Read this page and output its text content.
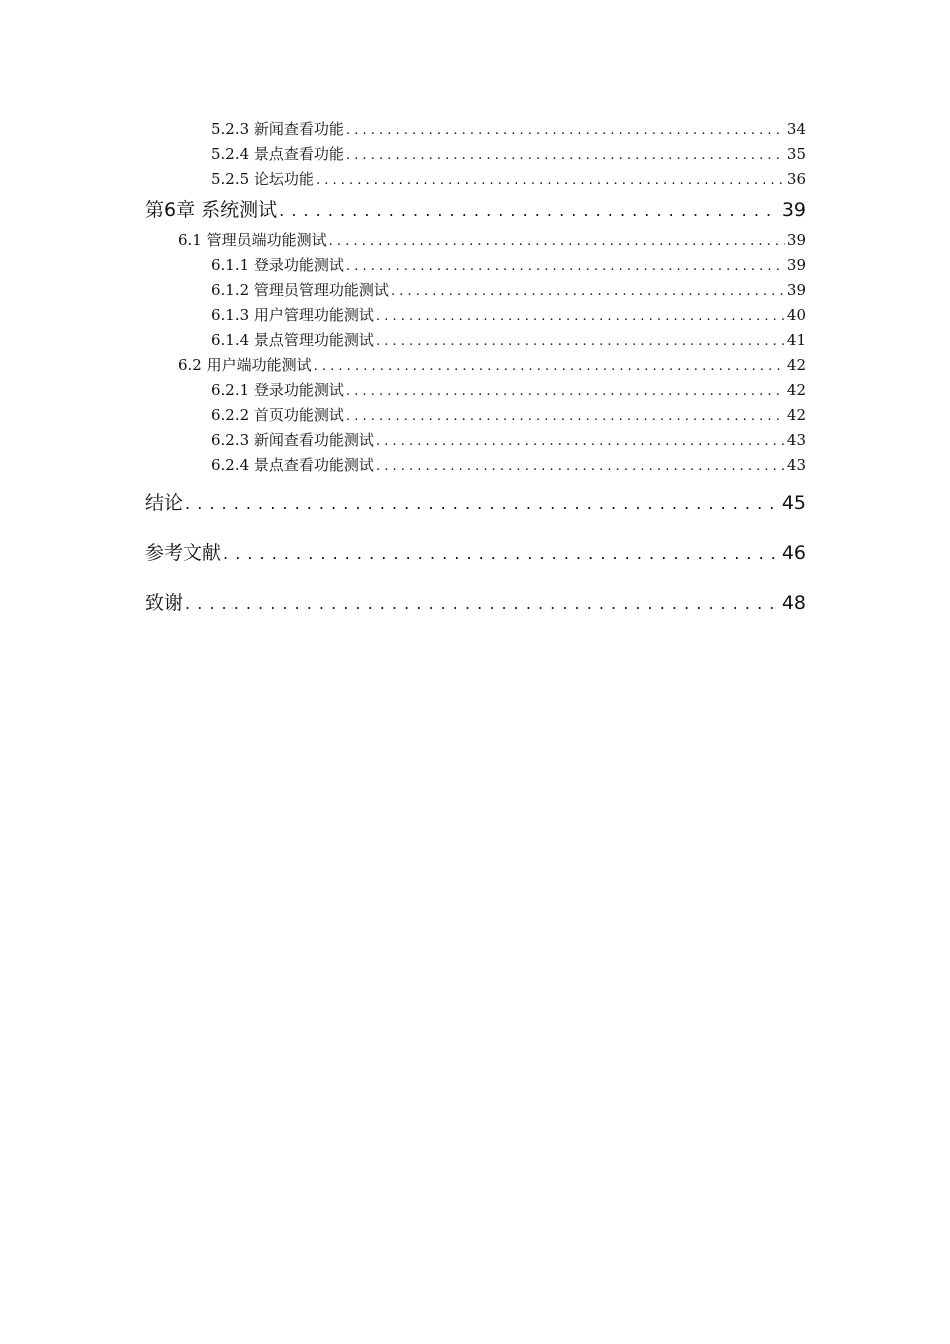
5.2.3 新闻查看功能 . . .	34
5.2.4 景点查看功能 . . .	35
5.2.5 论坛功能 . . .	36
第6章 系统测试 . . .	39
6.1 管理员端功能测试 . . .	39
6.1.1 登录功能测试 . . .	39
6.1.2 管理员管理功能测试 . . .	39
6.1.3 用户管理功能测试 . . .	40
6.1.4 景点管理功能测试 . . .	41
6.2 用户端功能测试 . . .	42
6.2.1 登录功能测试 . . .	42
6.2.2 首页功能测试 . . .	42
6.2.3 新闻查看功能测试 . . .	43
6.2.4 景点查看功能测试 . . .	43
结论 . . .	45
参考文献 . . .	46
致谢 . . .	48
